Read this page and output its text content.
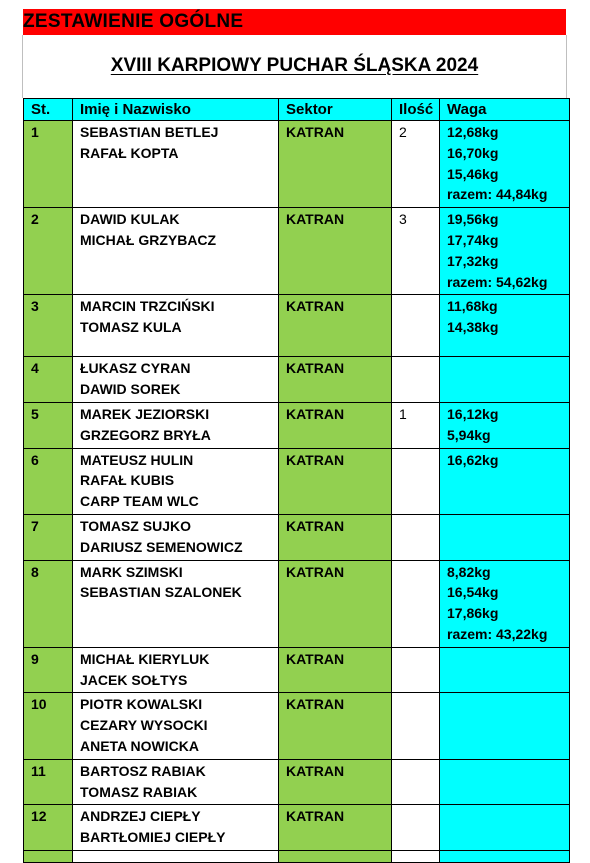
ZESTAWIENIE OGÓLNE
XVIII KARPIOWY PUCHAR ŚLĄSKA 2024
St.	Imię i Nazwisko	Sektor	Ilość	Waga
1	SEBASTIAN BETLEJ
RAFAŁ KOPTA	KATRAN	2	12,68kg
16,70kg
15,46kg
razem: 44,84kg

2	DAWID KULAK
MICHAŁ GRZYBACZ	KATRAN	3	19,56kg
17,74kg
17,32kg
razem: 54,62kg

3	MARCIN TRZCIŃSKI
TOMASZ KULA	KATRAN		11,68kg
14,38kg

4	ŁUKASZ CYRAN
DAWID SOREK	KATRAN		
5	MAREK JEZIORSKI
GRZEGORZ BRYŁA	KATRAN	1	16,12kg
5,94kg

6	MATEUSZ HULIN
RAFAŁ KUBIS
CARP TEAM WLC	KATRAN		16,62kg

7	TOMASZ SUJKO
DARIUSZ SEMENOWICZ	KATRAN		
8	MARK SZIMSKI
SEBASTIAN SZALONEK	KATRAN		8,82kg
16,54kg
17,86kg
razem: 43,22kg

9	MICHAŁ KIERYLUK
JACEK SOŁTYS	KATRAN		
10	PIOTR KOWALSKI
CEZARY WYSOCKI
ANETA NOWICKA	KATRAN		
11	BARTOSZ RABIAK
TOMASZ RABIAK	KATRAN		
12	ANDRZEJ CIEPŁY
BARTŁOMIEJ CIEPŁY	KATRAN		
